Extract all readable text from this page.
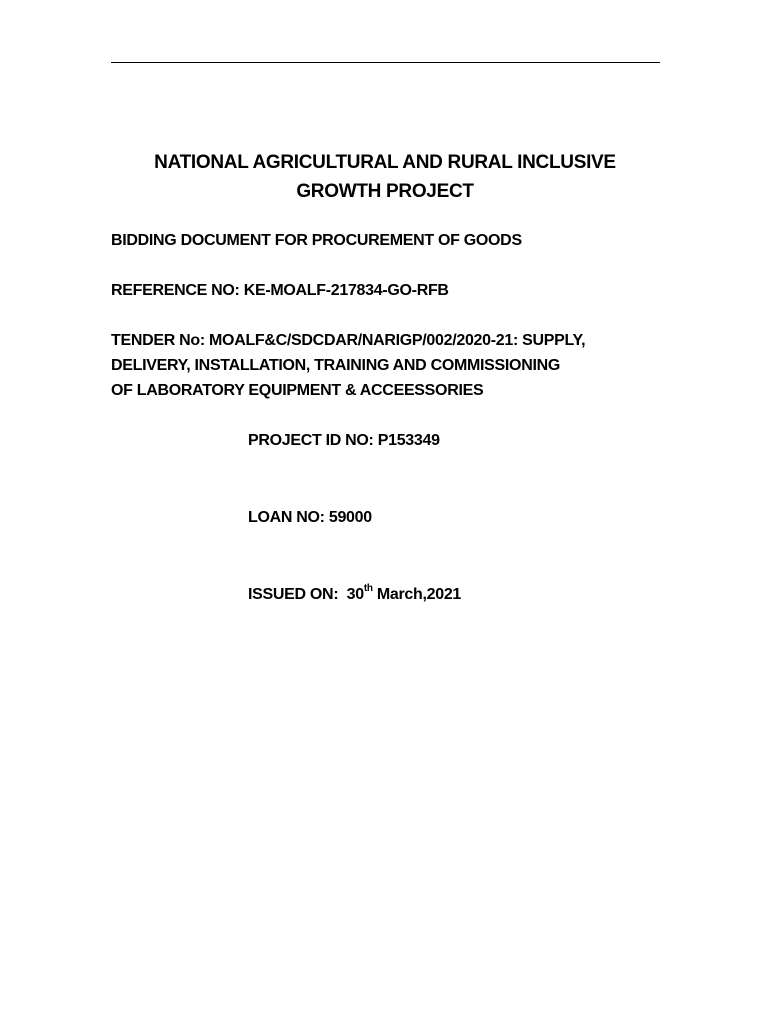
NATIONAL AGRICULTURAL AND RURAL INCLUSIVE
GROWTH PROJECT
BIDDING DOCUMENT FOR PROCUREMENT OF GOODS
REFERENCE NO: KE-MOALF-217834-GO-RFB
TENDER No: MOALF&C/SDCDAR/NARIGP/002/2020-21: SUPPLY,
DELIVERY, INSTALLATION, TRAINING AND COMMISSIONING
OF LABORATORY EQUIPMENT & ACCEESSORIES
PROJECT ID NO: P153349
LOAN NO: 59000
ISSUED ON: 30th March,2021
